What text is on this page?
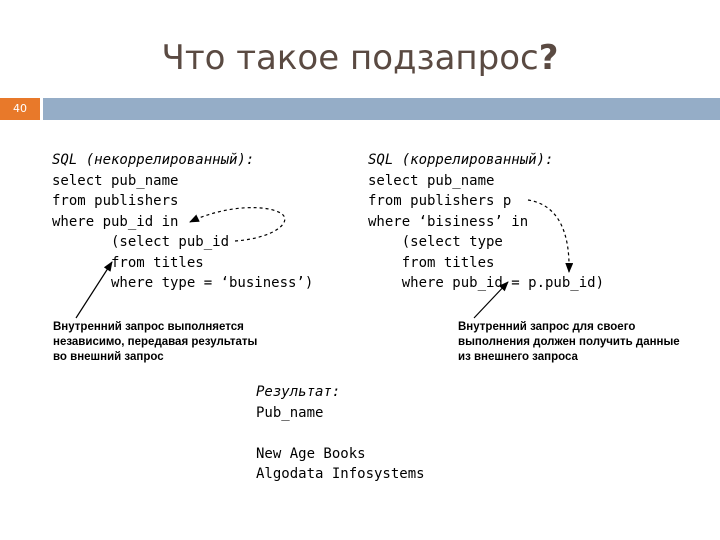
Что такое подзапрос?
40
SQL (некоррелированный):
select pub_name
from publishers
where pub_id in
(select pub_id
from titles
where type = ‘business’)
Внутренний запрос выполняется
независимо, передавая результаты
во внешний запрос
SQL (коррелированный):
select pub_name
from publishers p
where ‘bisiness’ in
(select type
from titles
where pub_id = p.pub_id)
Внутренний запрос для своего
выполнения должен получить данные
из внешнего запроса
Результат:
Pub_name

New Age Books
Algodata Infosystems
